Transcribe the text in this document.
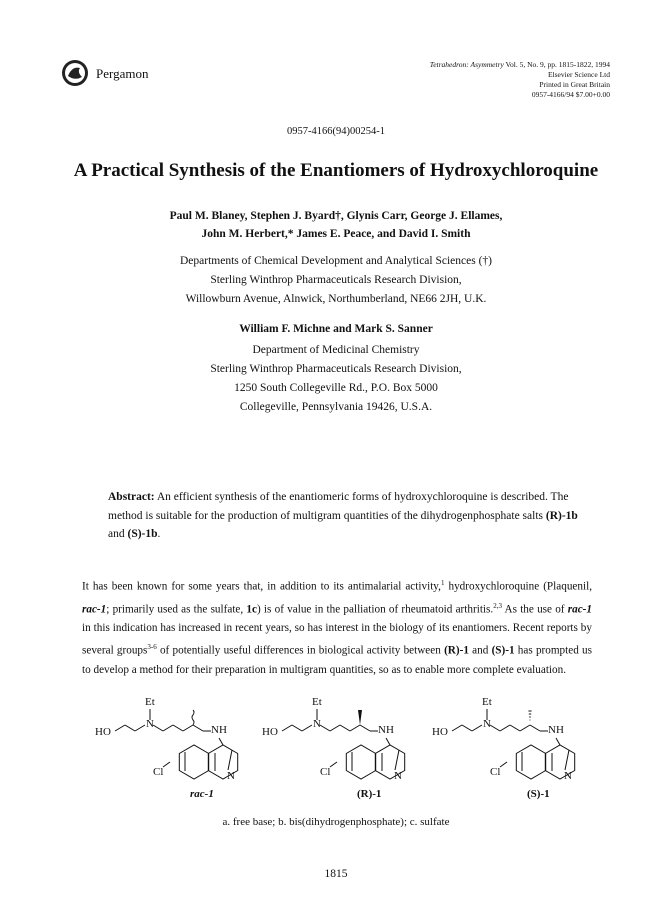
Pergamon
Tetrahedron: Asymmetry Vol. 5, No. 9, pp. 1815-1822, 1994
Elsevier Science Ltd
Printed in Great Britain
0957-4166/94 $7.00+0.00
0957-4166(94)00254-1
A Practical Synthesis of the Enantiomers of Hydroxychloroquine
Paul M. Blaney, Stephen J. Byard†, Glynis Carr, George J. Ellames,
John M. Herbert,* James E. Peace, and David I. Smith
Departments of Chemical Development and Analytical Sciences (†)
Sterling Winthrop Pharmaceuticals Research Division,
Willowburn Avenue, Alnwick, Northumberland, NE66 2JH, U.K.
William F. Michne and Mark S. Sanner
Department of Medicinal Chemistry
Sterling Winthrop Pharmaceuticals Research Division,
1250 South Collegeville Rd., P.O. Box 5000
Collegeville, Pennsylvania 19426, U.S.A.
Abstract: An efficient synthesis of the enantiomeric forms of hydroxychloroquine is described. The method is suitable for the production of multigram quantities of the dihydrogenphosphate salts (R)-1b and (S)-1b.
It has been known for some years that, in addition to its antimalarial activity,$^1$ hydroxychloroquine (Plaquenil, rac-1; primarily used as the sulfate, 1c) is of value in the palliation of rheumatoid arthritis.$^{2,3}$ As the use of rac-1 in this indication has increased in recent years, so has interest in the biology of its enantiomers. Recent reports by several groups$^{3-6}$ of potentially useful differences in biological activity between (R)-1 and (S)-1 has prompted us to develop a method for their preparation in multigram quantities, so as to enable more complete evaluation.
Et
N
HO	NH
Cl	N
rac-1
Et
N
HO	NH
Cl	N
(R)-1
Et
N
HO	NH
Cl	N
(S)-1
a. free base; b. bis(dihydrogenphosphate); c. sulfate
1815
